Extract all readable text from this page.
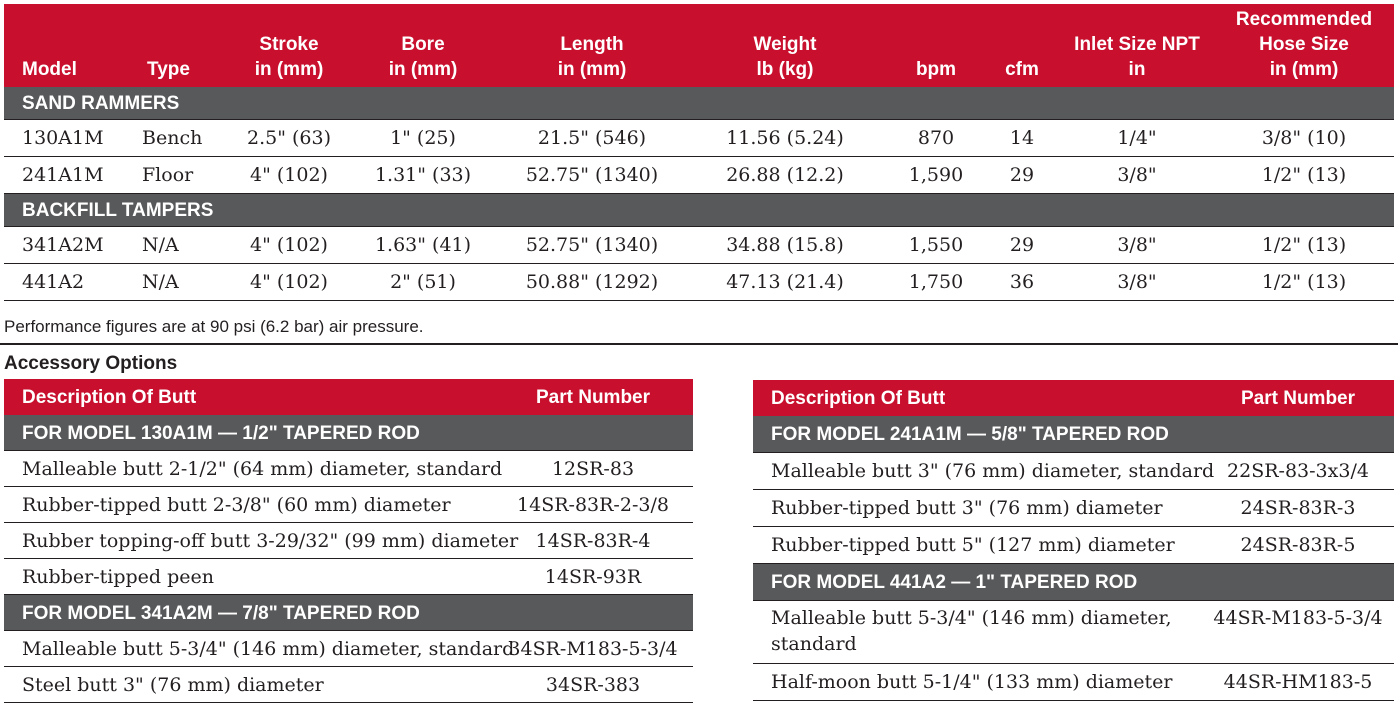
Model	Type
Stroke
in (mm)
Bore
in (mm)
Length
in (mm)
Weight
lb (kg)	bpm	cfm
Inlet Size NPT
in
Recommended
Hose Size
in (mm)
SAND RAMMERS
130A1M	Bench	2.5" (63)	1" (25)	21.5" (546)	11.56 (5.24)	870	14	1/4"	3/8" (10)
241A1M	Floor	4" (102)	1.31" (33)	52.75" (1340)	26.88 (12.2)	1,590	29	3/8"	1/2" (13)
BACKFILL TAMPERS
341A2M	N/A	4" (102)	1.63" (41)	52.75" (1340)	34.88 (15.8)	1,550	29	3/8"	1/2" (13)
441A2	N/A	4" (102)	2" (51)	50.88" (1292)	47.13 (21.4)	1,750	36	3/8"	1/2" (13)
Performance figures are at 90 psi (6.2 bar) air pressure.
Accessory Options
Description Of Butt	Part Number
FOR MODEL 130A1M — 1/2" TAPERED ROD
Malleable butt 2-1/2" (64 mm) diameter, standard	12SR-83
Rubber-tipped butt 2-3/8" (60 mm) diameter	14SR-83R-2-3/8
Rubber topping-off butt 3-29/32" (99 mm) diameter 14SR-83R-4
Rubber-tipped peen	14SR-93R
FOR MODEL 341A2M — 7/8" TAPERED ROD
Malleable butt 5-3/4" (146 mm) diameter, standard
34SR-M183-5-3/4
Steel butt 3" (76 mm) diameter	34SR-383
Description Of Butt	Part Number
FOR MODEL 241A1M — 5/8" TAPERED ROD
Malleable butt 3" (76 mm) diameter, standard 22SR-83-3x3/4
Rubber-tipped butt 3" (76 mm) diameter	24SR-83R-3
Rubber-tipped butt 5" (127 mm) diameter	24SR-83R-5
FOR MODEL 441A2 — 1" TAPERED ROD
Malleable butt 5-3/4" (146 mm) diameter,
standard
44SR-M183-5-3/4
Half-moon butt 5-1/4" (133 mm) diameter	44SR-HM183-5
